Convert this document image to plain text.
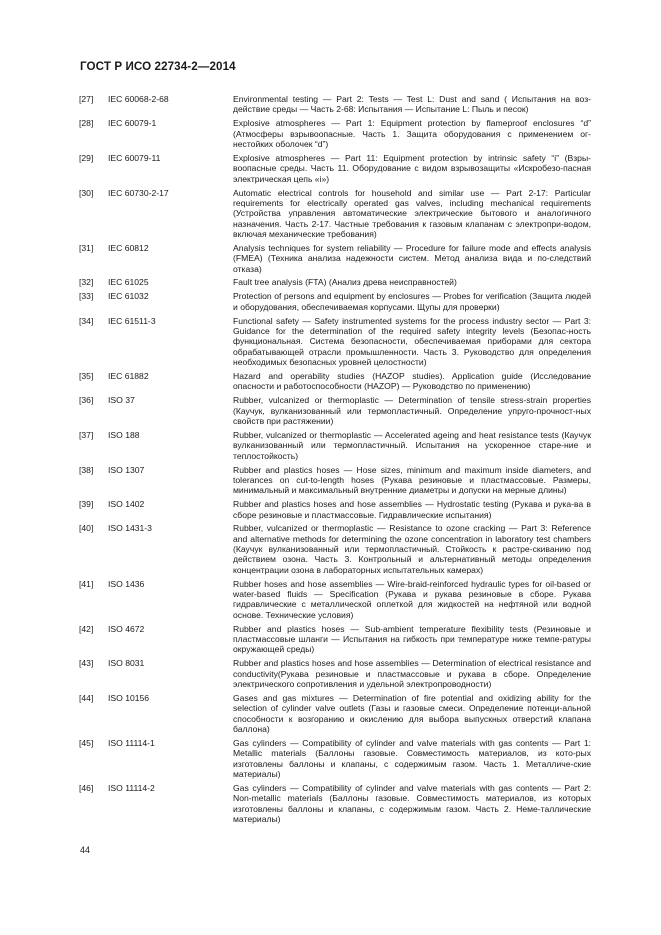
ГОСТ Р ИСО 22734-2—2014
[27]	IEC 60068-2-68	Environmental testing — Part 2: Tests — Test L: Dust and sand ( Испытания на воз-действие среды — Часть 2-68: Испытания — Испытание L: Пыль и песок)
[28]	IEC 60079-1	Explosive atmospheres — Part 1: Equipment protection by flameproof enclosures “d” (Атмосферы взрывоопасные. Часть 1. Защита оборудования с применением ог-нестойких оболочек “d”)
[29]	IEC 60079-11	Explosive atmospheres — Part 11: Equipment protection by intrinsic safety “i” (Взры-воопасные среды. Часть 11. Оборудование с видом взрывозащиты «Искробезо-пасная электрическая цепь «i»)
[30]	IEC 60730-2-17	Automatic electrical controls for household and similar use — Part 2-17: Particular requirements for electrically operated gas valves, including mechanical requirements (Устройства управления автоматические электрические бытового и аналогичного назначения. Часть 2-17. Частные требования к газовым клапанам с электропри-водом, включая механические требования)
[31]	IEC 60812	Analysis techniques for system reliability — Procedure for failure mode and effects analysis (FMEA) (Техника анализа надежности систем. Метод анализа вида и по-следствий отказа)
[32]	IEC 61025	Fault tree analysis (FTA) (Анализ древа неисправностей)
[33]	IEC 61032	Protection of persons and equipment by enclosures — Probes for verification (Защита людей и оборудования, обеспечиваемая корпусами. Щупы для проверки)
[34]	IEC 61511-3	Functional safety — Safety instrumented systems for the process industry sector — Part 3: Guidance for the determination of the required safety integrity levels (Безопас-ность функциональная. Система безопасности, обеспечиваемая приборами для сектора обрабатывающей отрасли промышленности. Часть 3. Руководство для определения необходимых безопасных уровней целостности)
[35]	IEC 61882	Hazard and operability studies (HAZOP studies). Application guide (Исследование опасности и работоспособности (HAZOP) — Руководство по применению)
[36]	ISO 37	Rubber, vulcanized or thermoplastic — Determination of tensile stress-strain properties (Каучук, вулканизованный или термопластичный. Определение упруго-прочност-ных свойств при растяжении)
[37]	ISO 188	Rubber, vulcanized or thermoplastic — Accelerated ageing and heat resistance tests (Каучук вулканизованный или термопластичный. Испытания на ускоренное старе-ние и теплостойкость)
[38]	ISO 1307	Rubber and plastics hoses — Hose sizes, minimum and maximum inside diameters, and tolerances on cut-to-length hoses (Рукава резиновые и пластмассовые. Размеры, минимальный и максимальный внутренние диаметры и допуски на мерные длины)
[39]	ISO 1402	Rubber and plastics hoses and hose assemblies — Hydrostatic testing (Рукава и рука-ва в сборе резиновые и пластмассовые. Гидравлические испытания)
[40]	ISO 1431-3	Rubber, vulcanized or thermoplastic — Resistance to ozone cracking — Part 3: Reference and alternative methods for determining the ozone concentration in laboratory test chambers (Каучук вулканизованный или термопластичный. Стойкость к растре-скиванию под действием озона. Часть 3. Контрольный и альтернативный методы определения концентрации озона в лабораторных испытательных камерах)
[41]	ISO 1436	Rubber hoses and hose assemblies — Wire-braid-reinforced hydraulic types for oil-based or water-based fluids — Specification (Рукава и рукава резиновые в сборе. Рукава гидравлические с металлической оплеткой для жидкостей на нефтяной или водной основе. Технические условия)
[42]	ISO 4672	Rubber and plastics hoses — Sub-ambient temperature flexibility tests (Резиновые и пластмассовые шланги — Испытания на гибкость при температуре ниже темпе-ратуры окружающей среды)
[43]	ISO 8031	Rubber and plastics hoses and hose assemblies — Determination of electrical resistance and conductivity(Рукава резиновые и пластмассовые и рукава в сборе. Определение электрического сопротивления и удельной электропроводности)
[44]	ISO 10156	Gases and gas mixtures — Determination of fire potential and oxidizing ability for the selection of cylinder valve outlets (Газы и газовые смеси. Определение потенци-альной способности к возгоранию и окислению для выбора выпускных отверстий клапана баллона)
[45]	ISO 11114-1	Gas cylinders — Compatibility of cylinder and valve materials with gas contents — Part 1: Metallic materials (Баллоны газовые. Совместимость материалов, из кото-рых изготовлены баллоны и клапаны, с содержимым газом. Часть 1. Металличе-ские материалы)
[46]	ISO 11114-2	Gas cylinders — Compatibility of cylinder and valve materials with gas contents — Part 2: Non-metallic materials (Баллоны газовые. Совместимость материалов, из которых изготовлены баллоны и клапаны, с содержимым газом. Часть 2. Неме-таллические материалы)
44
